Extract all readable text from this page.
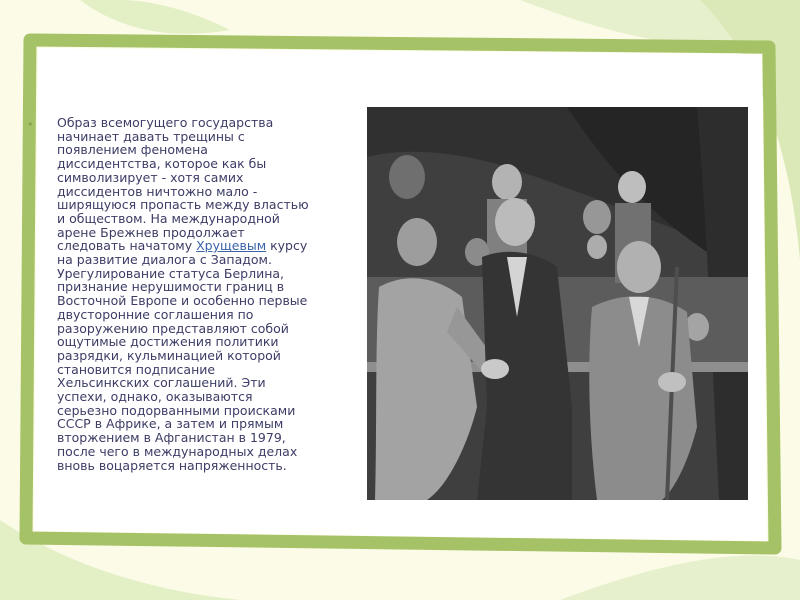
• Образ всемогущего государства
начинает давать трещины с
появлением феномена
диссидентства, которое как бы
символизирует - хотя самих
диссидентов ничтожно мало -
ширящуюся пропасть между властью
и обществом. На международной
арене Брежнев продолжает
следовать начатому Хрущевым курсу
на развитие диалога с Западом.
Урегулирование статуса Берлина,
признание нерушимости границ в
Восточной Европе и особенно первые
двусторонние соглашения по
разоружению представляют собой
ощутимые достижения политики
разрядки, кульминацией которой
становится подписание
Хельсинкских соглашений. Эти
успехи, однако, оказываются
серьезно подорванными происками
СССР в Африке, а затем и прямым
вторжением в Афганистан в 1979,
после чего в международных делах
вновь воцаряется напряженность.
